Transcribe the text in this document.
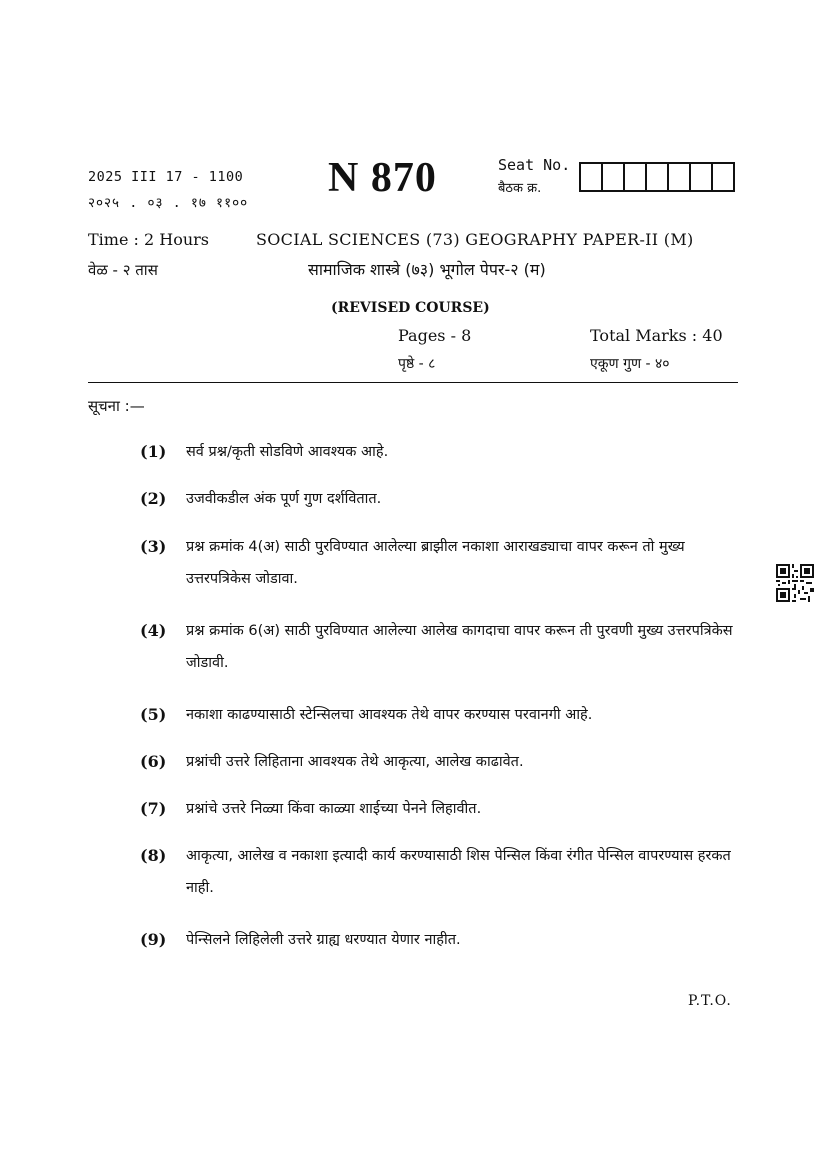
2025 III 17 - 1100
२०२५ . ०३ . १७ ११००
N 870	Seat No.
बैठक क्र.
Time : 2 Hours
वेळ - २ तास
SOCIAL SCIENCES (73) GEOGRAPHY PAPER-II (M)
सामाजिक शास्त्रे (७३) भूगोल पेपर-२ (म)
(REVISED COURSE)
Pages - 8
पृष्ठे - ८
Total Marks : 40
एकूण गुण - ४०
सूचना :—
(1) सर्व प्रश्न/कृती सोडविणे आवश्यक आहे.
(2) उजवीकडील अंक पूर्ण गुण दर्शवितात.
(3) प्रश्न क्रमांक 4(अ) साठी पुरविण्यात आलेल्या ब्राझील नकाशा आराखड्याचा वापर करून तो मुख्य उत्तरपत्रिकेस जोडावा.
(4) प्रश्न क्रमांक 6(अ) साठी पुरविण्यात आलेल्या आलेख कागदाचा वापर करून ती पुरवणी मुख्य उत्तरपत्रिकेस जोडावी.
(5) नकाशा काढण्यासाठी स्टेन्सिलचा आवश्यक तेथे वापर करण्यास परवानगी आहे.
(6) प्रश्नांची उत्तरे लिहिताना आवश्यक तेथे आकृत्या, आलेख काढावेत.
(7) प्रश्नांचे उत्तरे निळ्या किंवा काळ्या शाईच्या पेनने लिहावीत.
(8) आकृत्या, आलेख व नकाशा इत्यादी कार्य करण्यासाठी शिस पेन्सिल किंवा रंगीत पेन्सिल वापरण्यास हरकत नाही.
(9) पेन्सिलने लिहिलेली उत्तरे ग्राह्य धरण्यात येणार नाहीत.
P.T.O.
